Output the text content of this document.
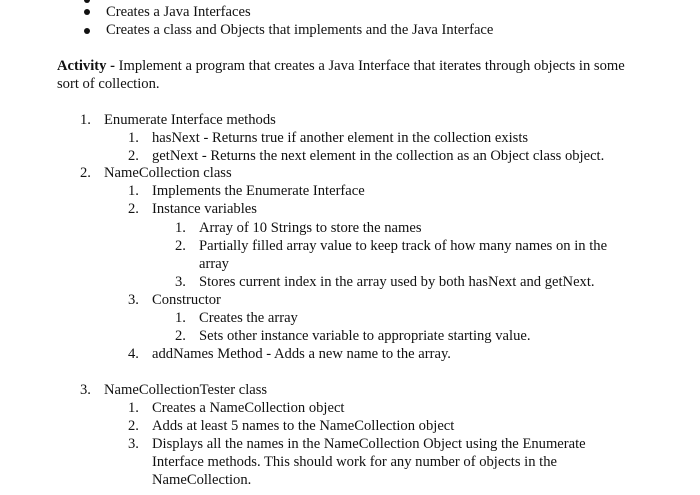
Creates a Java Interfaces
Creates a class and Objects that implements and the Java Interface
Activity - Implement a program that creates a Java Interface that iterates through objects in some
sort of collection.
1. Enumerate Interface methods
1. hasNext - Returns true if another element in the collection exists
2. getNext - Returns the next element in the collection as an Object class object.
2. NameCollection class
1. Implements the Enumerate Interface
2. Instance variables
1. Array of 10 Strings to store the names
2. Partially filled array value to keep track of how many names on in the
array
3. Stores current index in the array used by both hasNext and getNext.
3. Constructor
1. Creates the array
2. Sets other instance variable to appropriate starting value.
4. addNames Method - Adds a new name to the array.
3. NameCollectionTester class
1. Creates a NameCollection object
2. Adds at least 5 names to the NameCollection object
3. Displays all the names in the NameCollection Object using the Enumerate
Interface methods. This should work for any number of objects in the
NameCollection.
